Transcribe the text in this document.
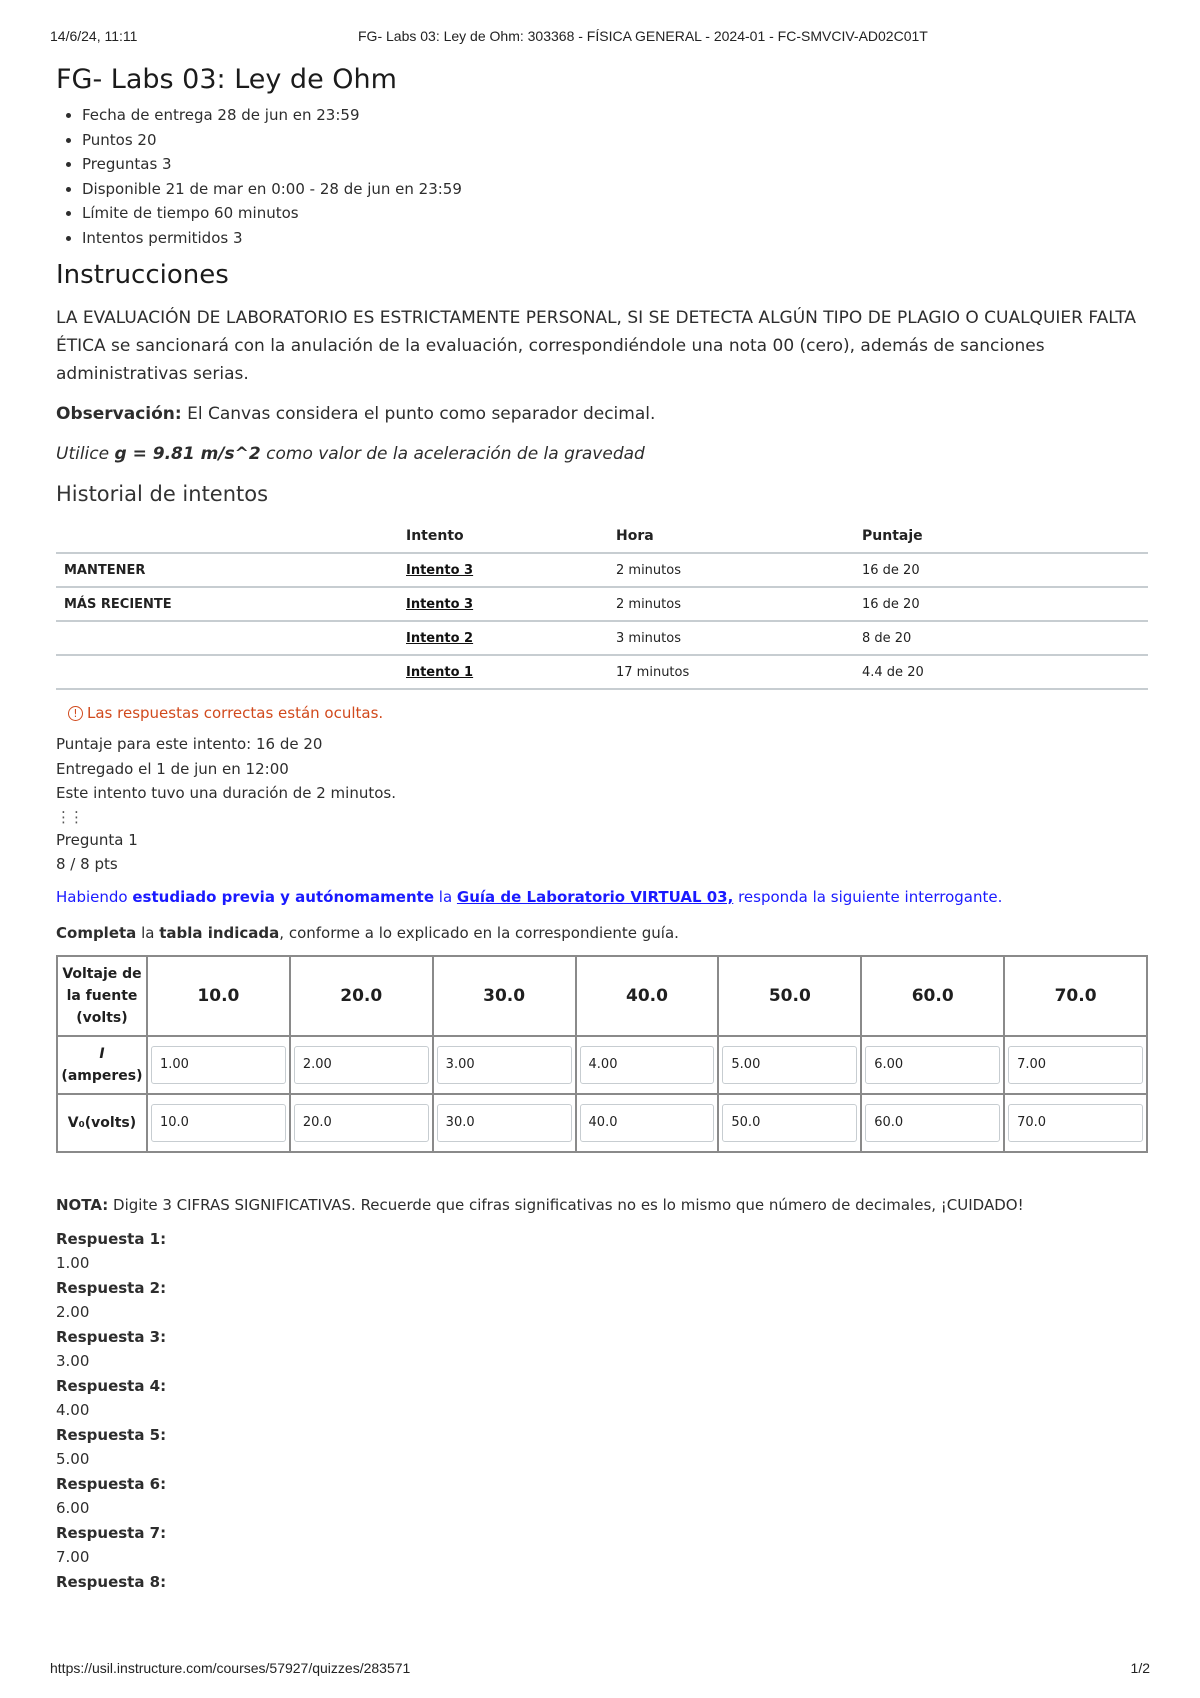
14/6/24, 11:11	FG- Labs 03: Ley de Ohm: 303368 - FÍSICA GENERAL - 2024-01 - FC-SMVCIV-AD02C01T
FG- Labs 03: Ley de Ohm
• Fecha de entrega 28 de jun en 23:59
• Puntos 20
• Preguntas 3
• Disponible 21 de mar en 0:00 - 28 de jun en 23:59
• Límite de tiempo 60 minutos
• Intentos permitidos 3
Instrucciones

LA EVALUACIÓN DE LABORATORIO ES ESTRICTAMENTE PERSONAL, SI SE DETECTA ALGÚN TIPO DE PLAGIO O CUALQUIER FALTA ÉTICA se sancionará con la anulación de la evaluación, correspondiéndole una nota 00 (cero), además de sanciones administrativas serias.

Observación: El Canvas considera el punto como separador decimal.

Utilice g = 9.81 m/s^2 como valor de la aceleración de la gravedad

Historial de intentos
	Intento	Hora	Puntaje
MANTENER	Intento 3	2 minutos	16 de 20
MÁS RECIENTE	Intento 3	2 minutos	16 de 20
	Intento 2	3 minutos	8 de 20
	Intento 1	17 minutos	4.4 de 20
! Las respuestas correctas están ocultas.
Puntaje para este intento: 16 de 20
Entregado el 1 de jun en 12:00
Este intento tuvo una duración de 2 minutos.
⋮⋮
Pregunta 1
8 / 8 pts

Habiendo estudiado previa y autónomamente la Guía de Laboratorio VIRTUAL 03, responda la siguiente interrogante.

Completa la tabla indicada, conforme a lo explicado en la correspondiente guía.

Voltaje de la fuente (volts)	10.0	20.0	30.0	40.0	50.0	60.0	70.0
I
(amperes)	1.00	2.00	3.00	4.00	5.00	6.00	7.00
V₀(volts)	10.0	20.0	30.0	40.0	50.0	60.0	70.0

NOTA: Digite 3 CIFRAS SIGNIFICATIVAS. Recuerde que cifras significativas no es lo mismo que número de decimales, ¡CUIDADO!

Respuesta 1:
1.00
Respuesta 2:
2.00
Respuesta 3:
3.00
Respuesta 4:
4.00
Respuesta 5:
5.00
Respuesta 6:
6.00
Respuesta 7:
7.00
Respuesta 8:
https://usil.instructure.com/courses/57927/quizzes/283571	1/2
